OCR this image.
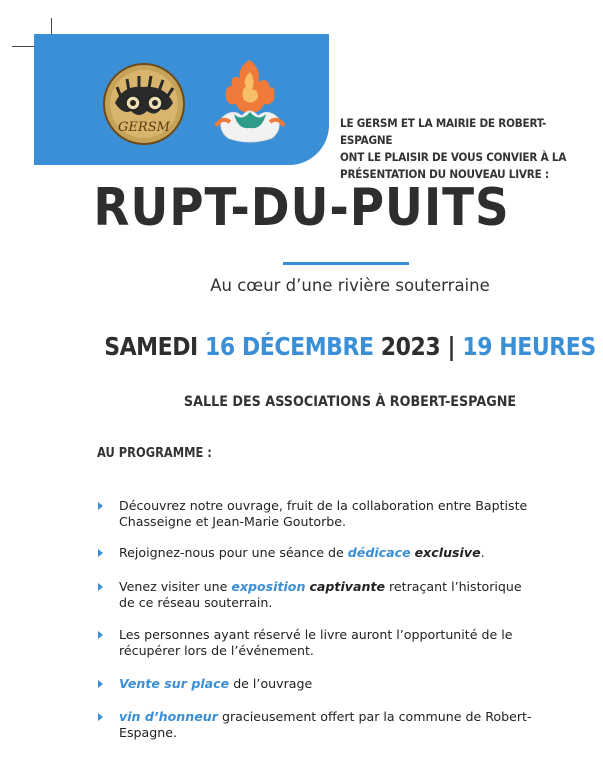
GERSM	LE GERSM ET LA MAIRIE DE ROBERT-ESPAGNE
ONT LE PLAISIR DE VOUS CONVIER À LA
PRÉSENTATION DU NOUVEAU LIVRE :
RUPT-DU-PUITS
Au cœur d’une rivière souterraine
SAMEDI 16 DÉCEMBRE 2023 | 19 HEURES
SALLE DES ASSOCIATIONS À ROBERT-ESPAGNE
AU PROGRAMME :
Découvrez notre ouvrage, fruit de la collaboration entre Baptiste Chasseigne et Jean-Marie Goutorbe.
Rejoignez-nous pour une séance de dédicace exclusive.
Venez visiter une exposition captivante retraçant l’historique de ce réseau souterrain.
Les personnes ayant réservé le livre auront l’opportunité de le récupérer lors de l’événement.
Vente sur place de l’ouvrage
vin d’honneur gracieusement offert par la commune de Robert-Espagne.
